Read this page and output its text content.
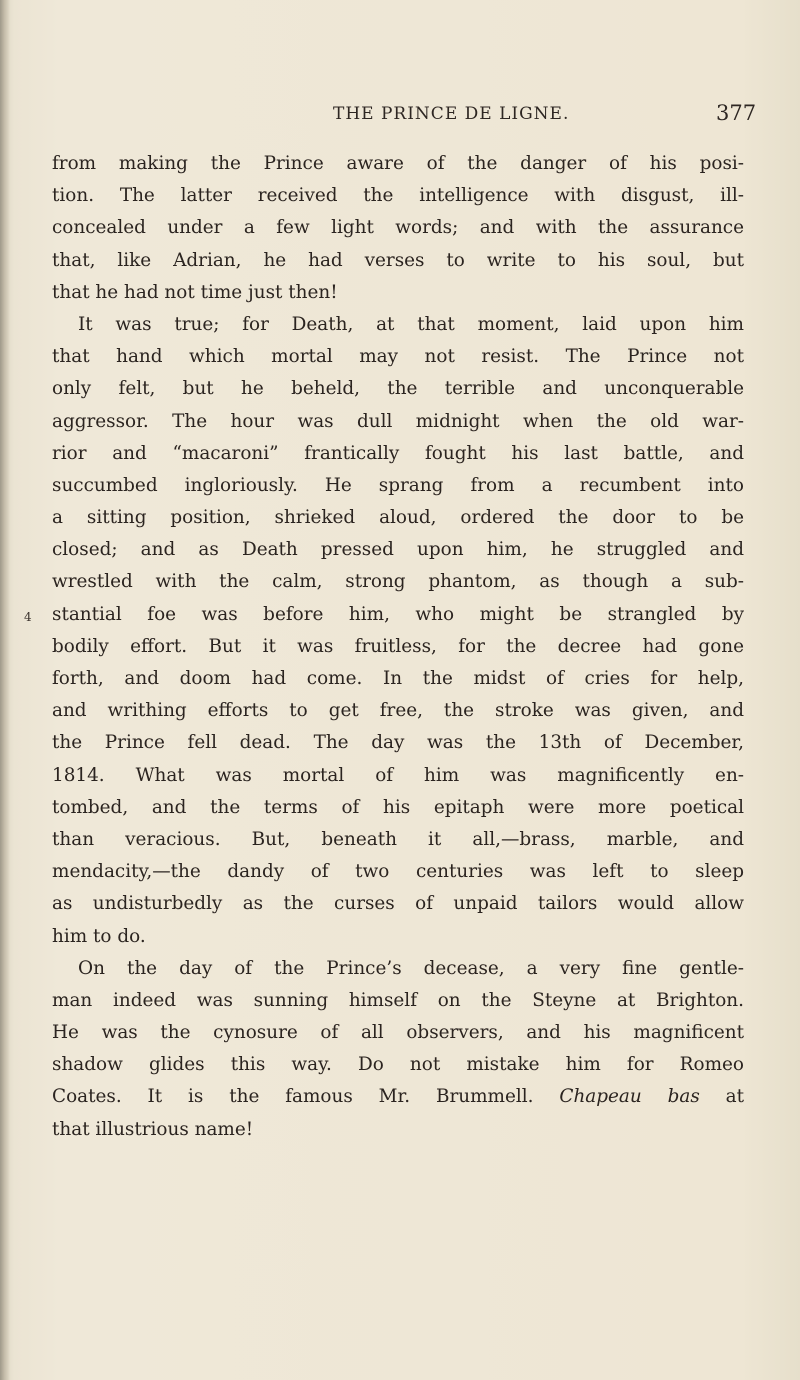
THE PRINCE DE LIGNE.	377
4
from making the Prince aware of the danger of his posi-
tion. The latter received the intelligence with disgust, ill-
concealed under a few light words; and with the assurance
that, like Adrian, he had verses to write to his soul, but
that he had not time just then!
It was true; for Death, at that moment, laid upon him
that hand which mortal may not resist. The Prince not
only felt, but he beheld, the terrible and unconquerable
aggressor. The hour was dull midnight when the old war-
rior and “macaroni” frantically fought his last battle, and
succumbed ingloriously. He sprang from a recumbent into
a sitting position, shrieked aloud, ordered the door to be
closed; and as Death pressed upon him, he struggled and
wrestled with the calm, strong phantom, as though a sub-
stantial foe was before him, who might be strangled by
bodily effort. But it was fruitless, for the decree had gone
forth, and doom had come. In the midst of cries for help,
and writhing efforts to get free, the stroke was given, and
the Prince fell dead. The day was the 13th of December,
1814. What was mortal of him was magnificently en-
tombed, and the terms of his epitaph were more poetical
than veracious. But, beneath it all,—brass, marble, and
mendacity,—the dandy of two centuries was left to sleep
as undisturbedly as the curses of unpaid tailors would allow
him to do.
On the day of the Prince’s decease, a very fine gentle-
man indeed was sunning himself on the Steyne at Brighton.
He was the cynosure of all observers, and his magnificent
shadow glides this way. Do not mistake him for Romeo
Coates. It is the famous Mr. Brummell. Chapeau bas at
that illustrious name!
